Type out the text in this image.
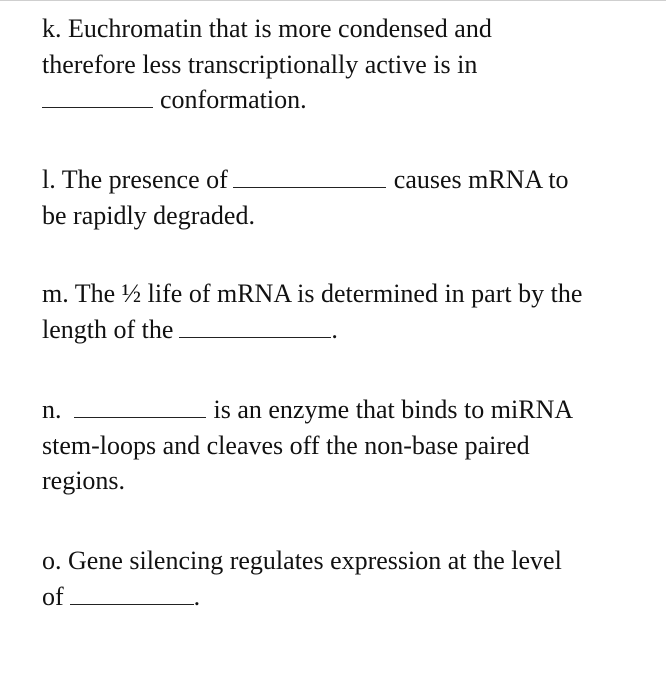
k. Euchromatin that is more condensed and
therefore less transcriptionally active is in
conformation.
l. The presence of	causes mRNA to
be rapidly degraded.
m. The ½ life of mRNA is determined in part by the
length of the	.
n.	is an enzyme that binds to miRNA
stem-loops and cleaves off the non-base paired
regions.
o. Gene silencing regulates expression at the level
of	.
